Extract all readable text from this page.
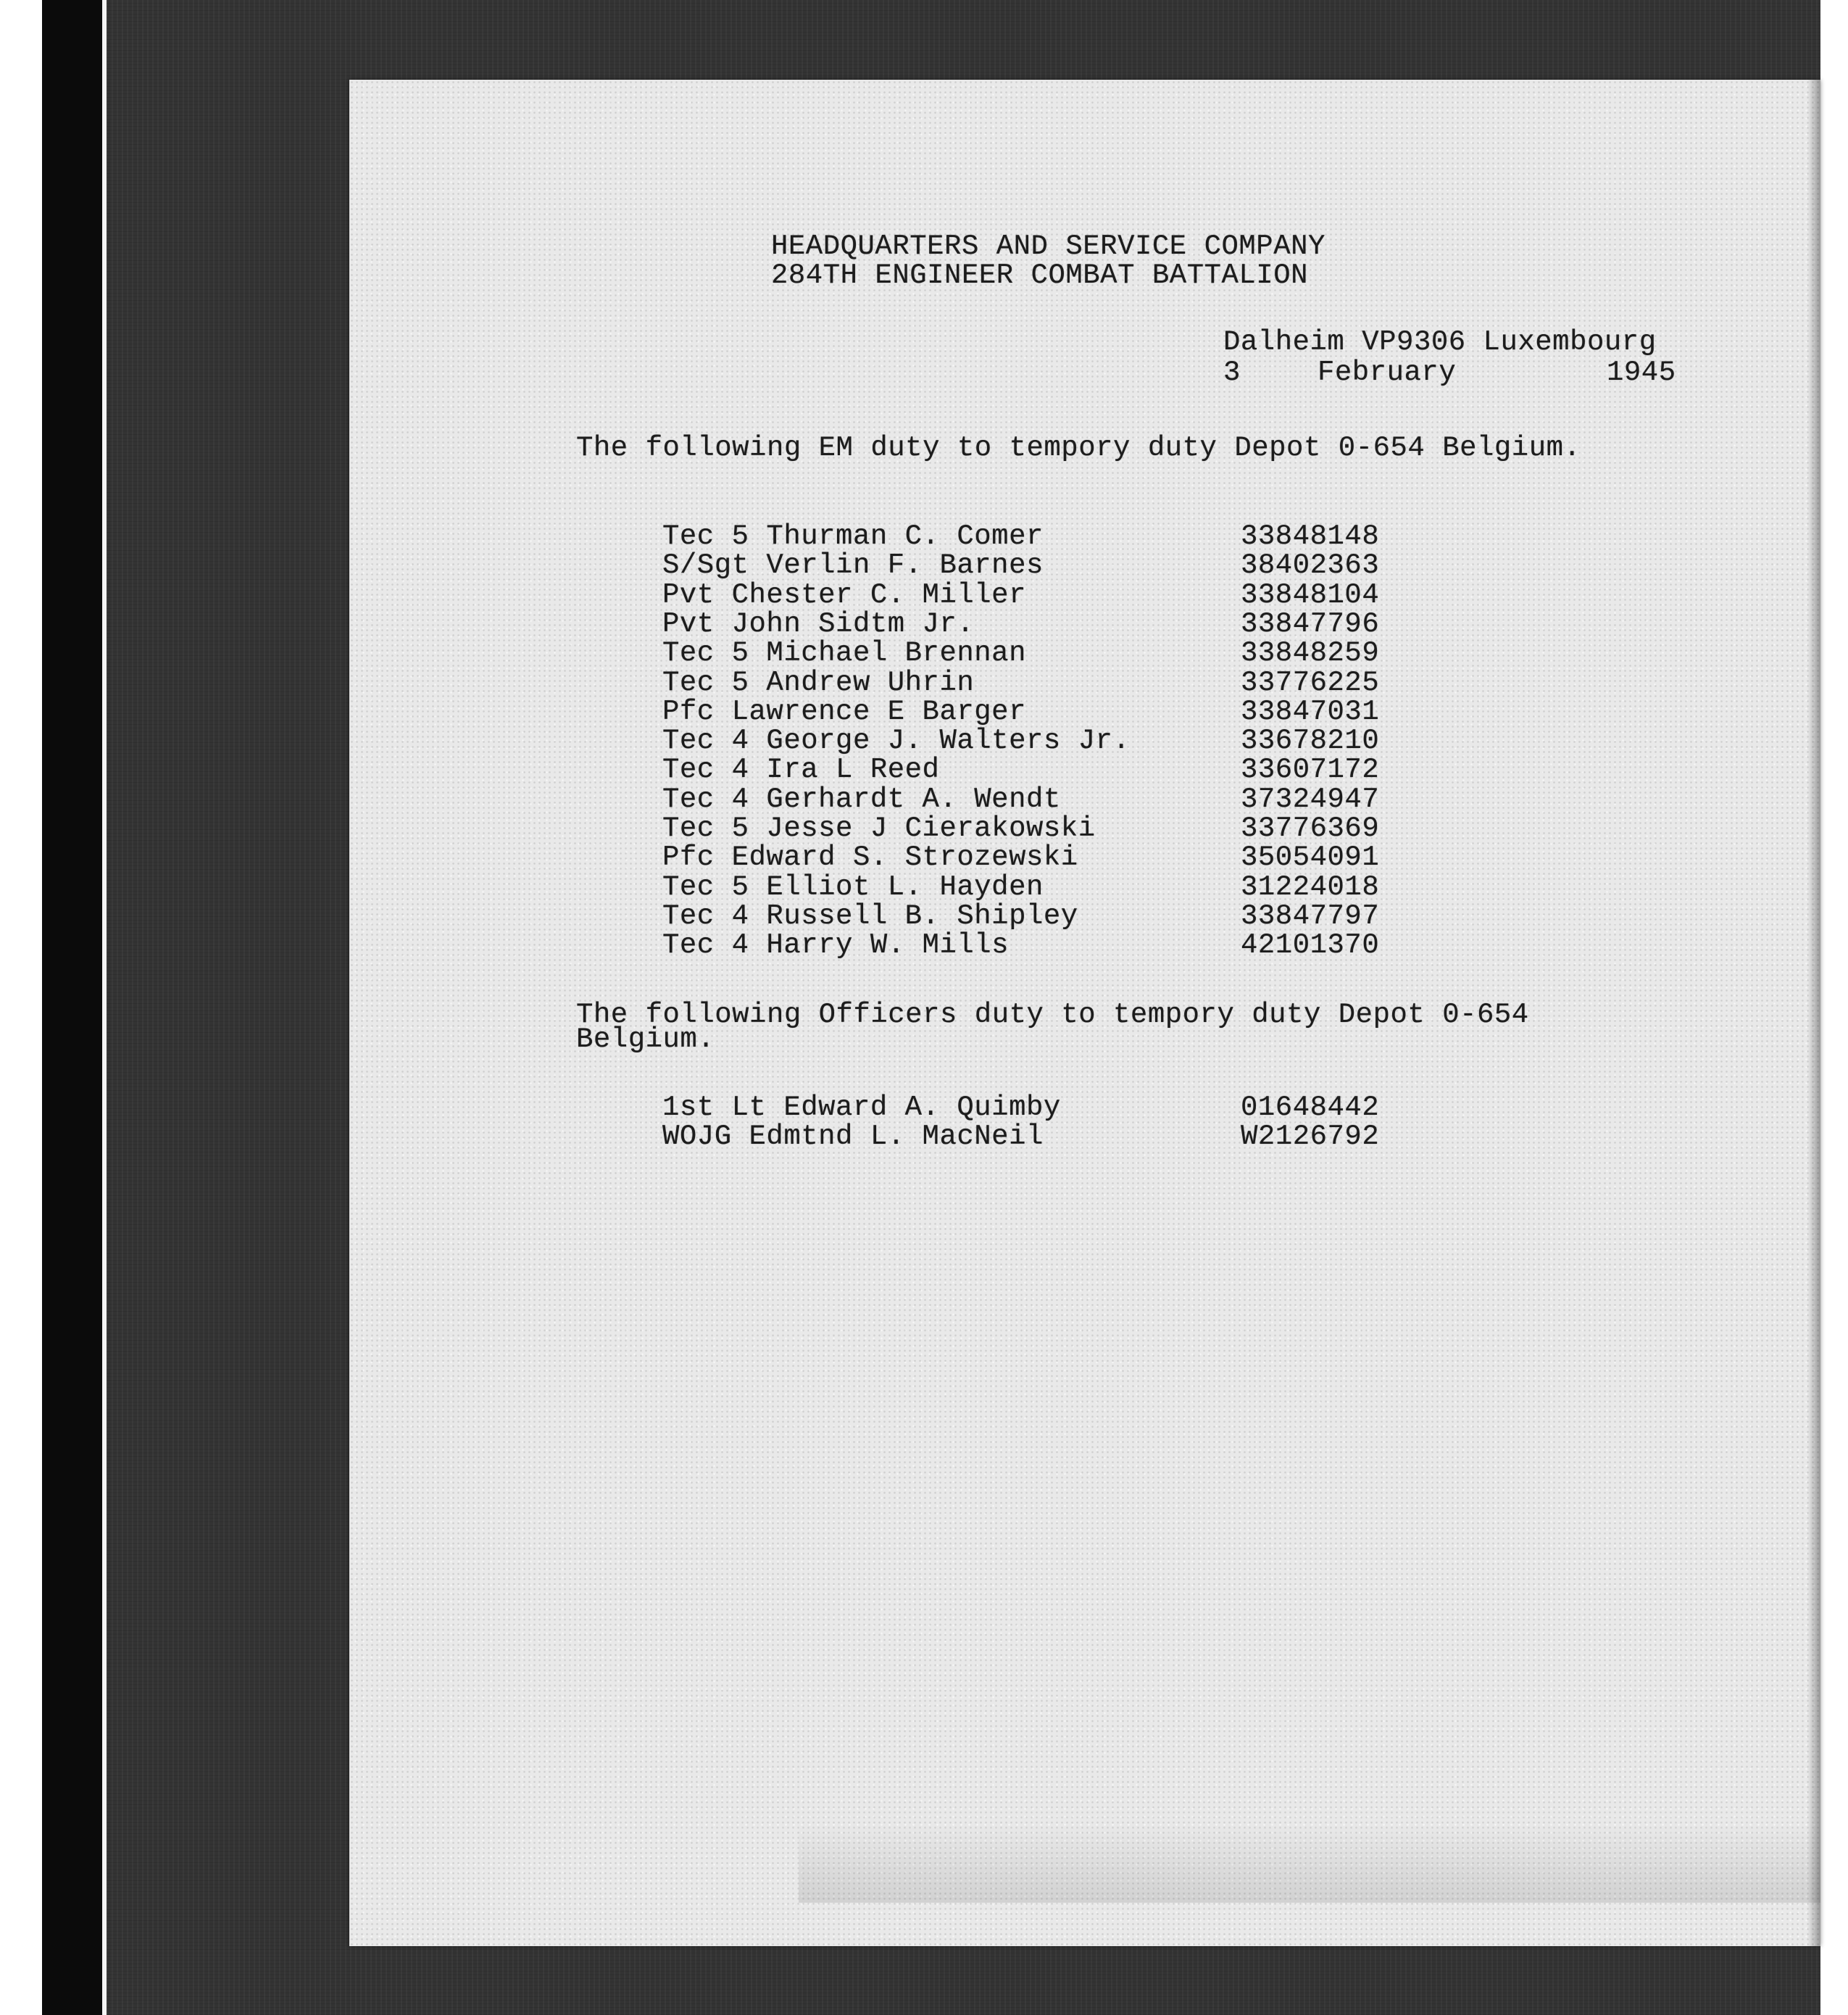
HEADQUARTERS AND SERVICE COMPANY
284TH ENGINEER COMBAT BATTALION
Dalheim VP9306 Luxembourg
3	February	1945
The following EM duty to tempory duty Depot 0-654 Belgium.
Tec 5 Thurman C. Comer	33848148
S/Sgt Verlin F. Barnes	38402363
Pvt Chester C. Miller	33848104
Pvt John Sidtm Jr.	33847796
Tec 5 Michael Brennan	33848259
Tec 5 Andrew Uhrin	33776225
Pfc Lawrence E Barger	33847031
Tec 4 George J. Walters Jr.	33678210
Tec 4 Ira L Reed	33607172
Tec 4 Gerhardt A. Wendt	37324947
Tec 5 Jesse J Cierakowski	33776369
Pfc Edward S. Strozewski	35054091
Tec 5 Elliot L. Hayden	31224018
Tec 4 Russell B. Shipley	33847797
Tec 4 Harry W. Mills	42101370
The following Officers duty to tempory duty Depot 0-654
Belgium.
1st Lt Edward A. Quimby	01648442
WOJG Edmtnd L. MacNeil	W2126792
